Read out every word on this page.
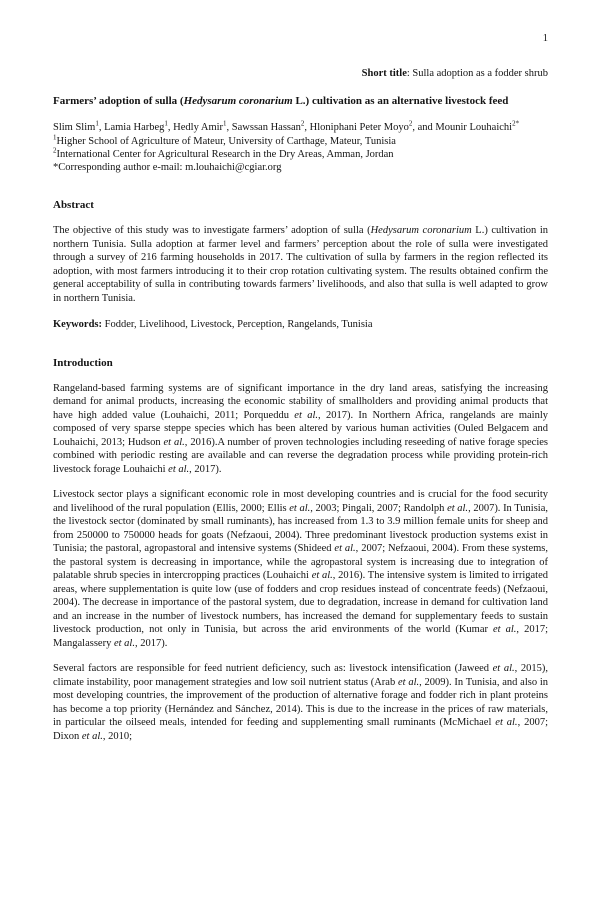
1
Short title: Sulla adoption as a fodder shrub
Farmers’ adoption of sulla (Hedysarum coronarium L.) cultivation as an alternative livestock feed
Slim Slim$^1$, Lamia Harbeg$^1$, Hedly Amir$^1$, Sawssan Hassan$^2$, Hloniphani Peter Moyo$^2$, and Mounir Louhaichi$^{2*}$
$^1$Higher School of Agriculture of Mateur, University of Carthage, Mateur, Tunisia
$^2$International Center for Agricultural Research in the Dry Areas, Amman, Jordan
*Corresponding author e-mail: m.louhaichi@cgiar.org
Abstract

The objective of this study was to investigate farmers’ adoption of sulla (Hedysarum coronarium L.) cultivation in northern Tunisia. Sulla adoption at farmer level and farmers’ perception about the role of sulla were investigated through a survey of 216 farming households in 2017. The cultivation of sulla by farmers in the region reflected its adoption, with most farmers introducing it to their crop rotation cultivating system. The results obtained confirm the general acceptability of sulla in contributing towards farmers’ livelihoods, and also that sulla is well adapted to grow in northern Tunisia.

Keywords: Fodder, Livelihood, Livestock, Perception, Rangelands, Tunisia
Introduction

Rangeland-based farming systems are of significant importance in the dry land areas, satisfying the increasing demand for animal products, increasing the economic stability of smallholders and providing animal products that have high added value (Louhaichi, 2011; Porqueddu et al., 2017). In Northern Africa, rangelands are mainly composed of very sparse steppe species which has been altered by various human activities (Ouled Belgacem and Louhaichi, 2013; Hudson et al., 2016).A number of proven technologies including reseeding of native forage species combined with periodic resting are available and can reverse the degradation process while providing protein-rich livestock forage Louhaichi et al., 2017).

Livestock sector plays a significant economic role in most developing countries and is crucial for the food security and livelihood of the rural population (Ellis, 2000; Ellis et al., 2003; Pingali, 2007; Randolph et al., 2007). In Tunisia, the livestock sector (dominated by small ruminants), has increased from 1.3 to 3.9 million female units for sheep and from 250000 to 750000 heads for goats (Nefzaoui, 2004). Three predominant livestock production systems exist in Tunisia; the pastoral, agropastoral and intensive systems (Shideed et al., 2007; Nefzaoui, 2004). From these systems, the pastoral system is decreasing in importance, while the agropastoral system is increasing due to integration of palatable shrub species in intercropping practices (Louhaichi et al., 2016). The intensive system is limited to irrigated areas, where supplementation is quite low (use of fodders and crop residues instead of concentrate feeds) (Nefzaoui, 2004). The decrease in importance of the pastoral system, due to degradation, increase in demand for cultivation land and an increase in the number of livestock numbers, has increased the demand for supplementary feeds to sustain livestock production, not only in Tunisia, but across the arid environments of the world (Kumar et al., 2017; Mangalassery et al., 2017).

Several factors are responsible for feed nutrient deficiency, such as: livestock intensification (Jaweed et al., 2015), climate instability, poor management strategies and low soil nutrient status (Arab et al., 2009). In Tunisia, and also in most developing countries, the improvement of the production of alternative forage and fodder rich in plant proteins has become a top priority (Hernández and Sánchez, 2014). This is due to the increase in the prices of raw materials, in particular the oilseed meals, intended for feeding and supplementing small ruminants (McMichael et al., 2007; Dixon et al., 2010;
